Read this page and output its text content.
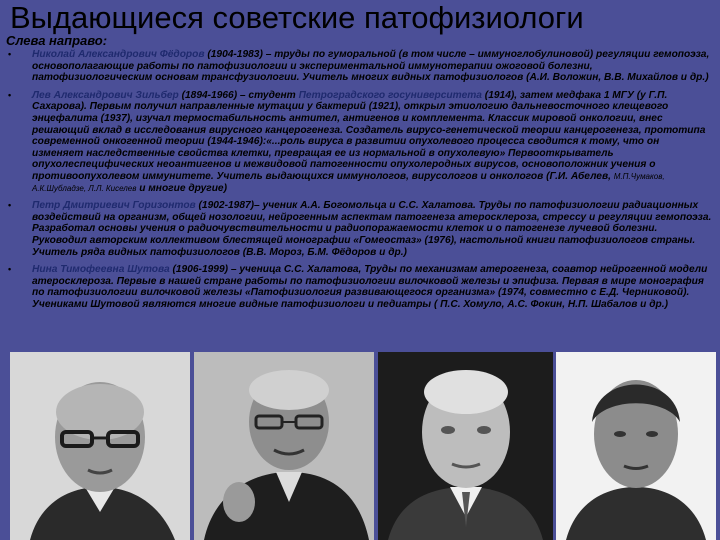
Выдающиеся советские патофизиологи
Слева направо:
• Николай Александрович Фёдоров (1904-1983) – труды по гуморальной (в том числе – иммуноглобулиновой) регуляции гемопоэза, основополагающие работы по патофизиологии и экспериментальной иммунотерапии ожоговой болезни, патофизиологическим основам трансфузиологии. Учитель многих видных патофизиологов (А.И. Воложин, В.В. Михайлов и др.)
• Лев Александрович Зильбер (1894-1966) – студент Петроградского госуниверситета (1914), затем медфака 1 МГУ (у Г.П. Сахарова). Первым получил направленные мутации у бактерий (1921), открыл этиологию дальневосточного клещевого энцефалита (1937), изучал термостабильность антител, антигенов и комплемента. Классик мировой онкологии, внес решающий вклад в исследования вирусного канцерогенеза. Создатель вирусо-генетической теории канцерогенеза, прототипа современной онкогенной теории (1944-1946):«...роль вируса в развитии опухолевого процесса сводится к тому, что он изменяет наследственные свойства клетки, превращая ее из нормальной в опухолевую» Первооткрыватель опухолеспецифических неоантигенов и межвидовой патогенности опухолеродных вирусов, основоположник учения о противоопухолевом иммунитете. Учитель выдающихся иммунологов, вирусологов и онкологов (Г.И. Абелев, М.П.Чумаков, А.К.Шубладзе, Л.Л. Киселев и многие другие)
• Петр Дмитриевич Горизонтов (1902-1987)– ученик А.А. Богомольца и С.С. Халатова. Труды по патофизиологии радиационных воздействий на организм, общей нозологии, нейрогенным аспектам патогенеза атеросклероза, стрессу и регуляции гемопоэза. Разработал основы учения о радиочувствительности и радиопоражаемости клеток и о патогенезе лучевой болезни. Руководил авторским коллективом блестящей монографии «Гомеостаз» (1976), настольной книги патофизиологов страны. Учитель ряда видных патофизиологов (В.В. Мороз, Б.М. Фёдоров и др.)
• Нина Тимофеевна Шутова (1906-1999) – ученица С.С. Халатова, Труды по механизмам атерогенеза, соавтор нейрогенной модели атеросклероза. Первые в нашей стране работы по патофизиологии вилочковой железы и эпифиза. Первая в мире монография по патофизиологии вилочковой железы «Патофизиология развивающегося организма» (1974, совместно с Е.Д. Черниковой). Учениками Шутовой являются многие видные патофизиологи и педиатры ( П.С. Хомуло, А.С. Фокин, Н.П. Шабалов и др.)
